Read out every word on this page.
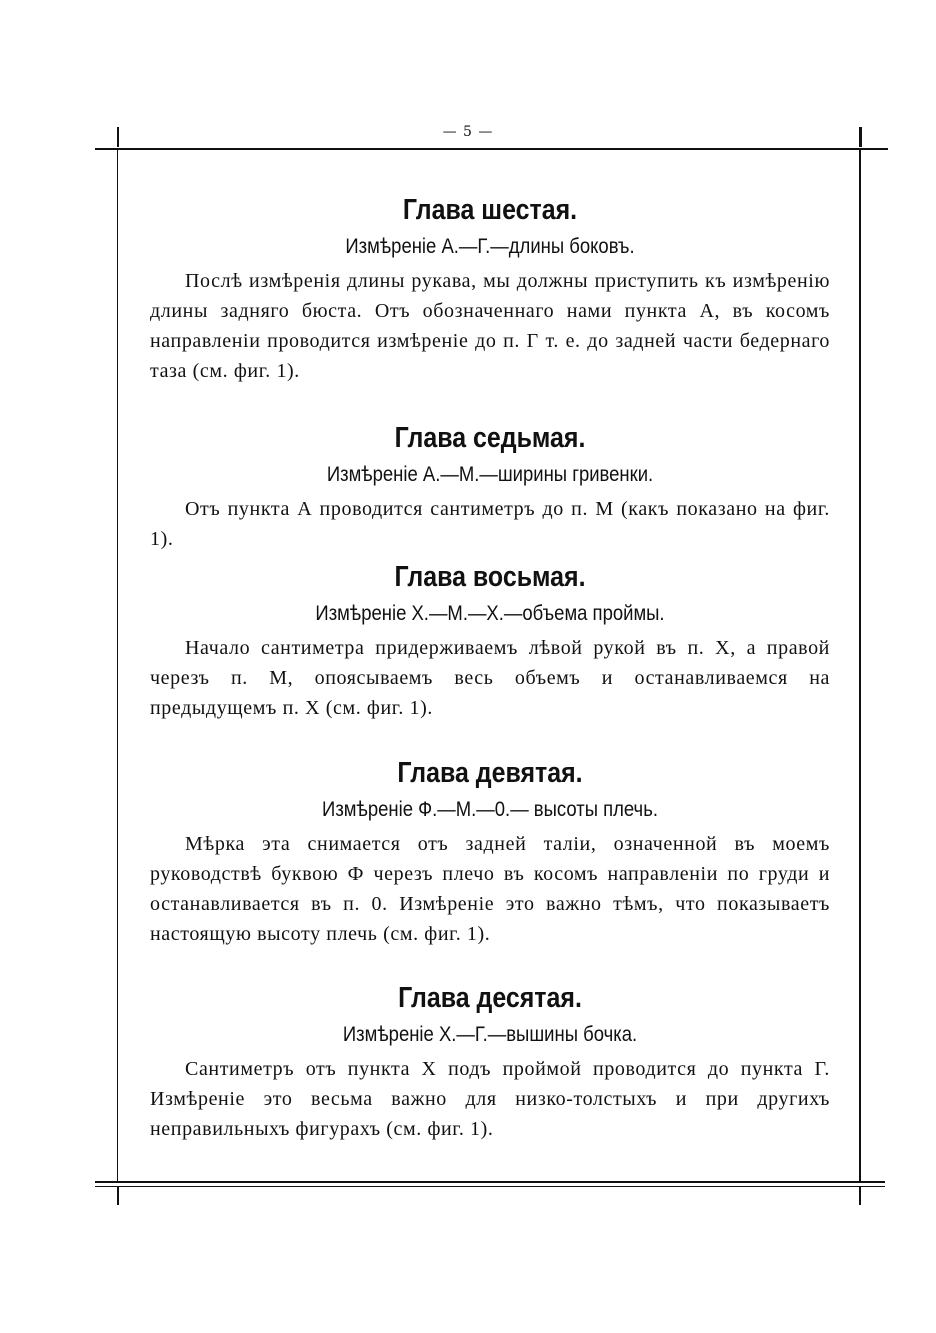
— 5 —
Глава шестая.
Измѣреніе А.—Г.—длины боковъ.

Послѣ измѣренія длины рукава, мы должны приступить къ измѣренію длины задняго бюста. Отъ обозначеннаго нами пункта А, въ косомъ направленіи проводится измѣреніе до п. Г т. е. до задней части бедернаго таза (см. фиг. 1).

Глава седьмая.
Измѣреніе А.—М.—ширины гривенки.

Отъ пункта А проводится сантиметръ до п. М (какъ показано на фиг. 1).

Глава восьмая.
Измѣреніе Х.—М.—Х.—объема проймы.

Начало сантиметра придерживаемъ лѣвой рукой въ п. Х, а правой черезъ п. М, опоясываемъ весь объемъ и останавливаемся на предыдущемъ п. Х (см. фиг. 1).

Глава девятая.
Измѣреніе Ф.—М.—0.— высоты плечь.

Мѣрка эта снимается отъ задней таліи, означенной въ моемъ руководствѣ буквою Ф черезъ плечо въ косомъ направленіи по груди и останавливается въ п. 0. Измѣреніе это важно тѣмъ, что показываетъ настоящую высоту плечь (см. фиг. 1).

Глава десятая.
Измѣреніе Х.—Г.—вышины бочка.

Сантиметръ отъ пункта Х подъ проймой проводится до пункта Г. Измѣреніе это весьма важно для низко-толстыхъ и при другихъ неправильныхъ фигурахъ (см. фиг. 1).
